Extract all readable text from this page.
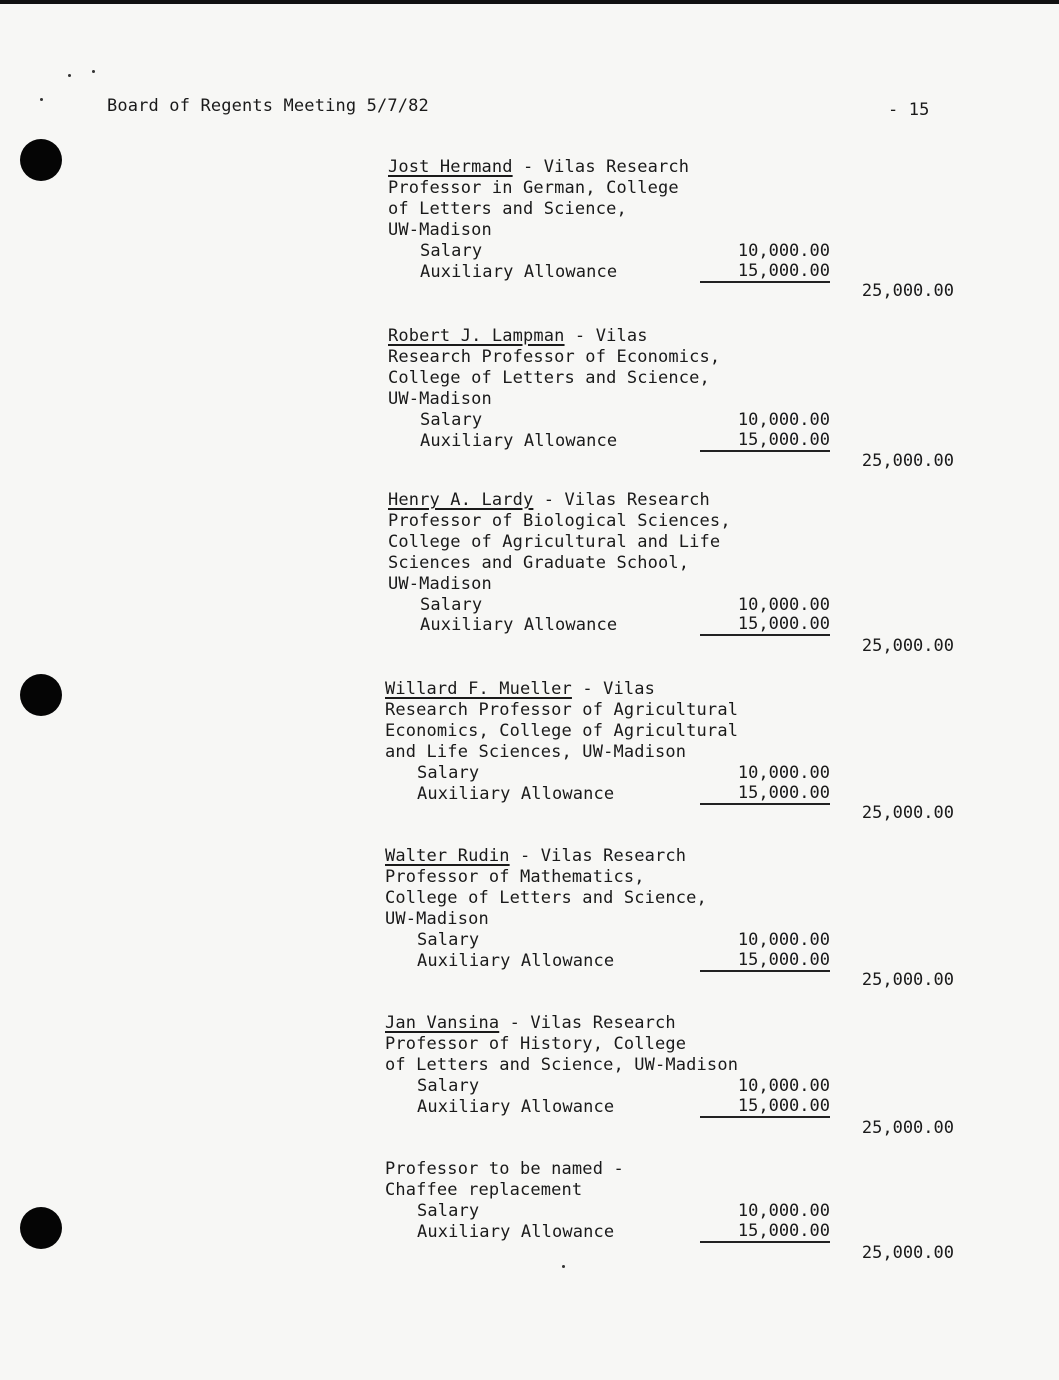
Board of Regents Meeting 5/7/82	- 15
Jost Hermand - Vilas Research
Professor in German, College
of Letters and Science,
UW-Madison
Salary	10,000.00
Auxiliary Allowance	15,000.00
25,000.00
Robert J. Lampman - Vilas
Research Professor of Economics,
College of Letters and Science,
UW-Madison
Salary	10,000.00
Auxiliary Allowance	15,000.00
25,000.00
Henry A. Lardy - Vilas Research
Professor of Biological Sciences,
College of Agricultural and Life
Sciences and Graduate School,
UW-Madison
Salary	10,000.00
Auxiliary Allowance	15,000.00
25,000.00
Willard F. Mueller - Vilas
Research Professor of Agricultural
Economics, College of Agricultural
and Life Sciences, UW-Madison
Salary	10,000.00
Auxiliary Allowance	15,000.00
25,000.00
Walter Rudin - Vilas Research
Professor of Mathematics,
College of Letters and Science,
UW-Madison
Salary	10,000.00
Auxiliary Allowance	15,000.00
25,000.00
Jan Vansina - Vilas Research
Professor of History, College
of Letters and Science, UW-Madison
Salary	10,000.00
Auxiliary Allowance	15,000.00
25,000.00
Professor to be named -
Chaffee replacement
Salary	10,000.00
Auxiliary Allowance	15,000.00
25,000.00
